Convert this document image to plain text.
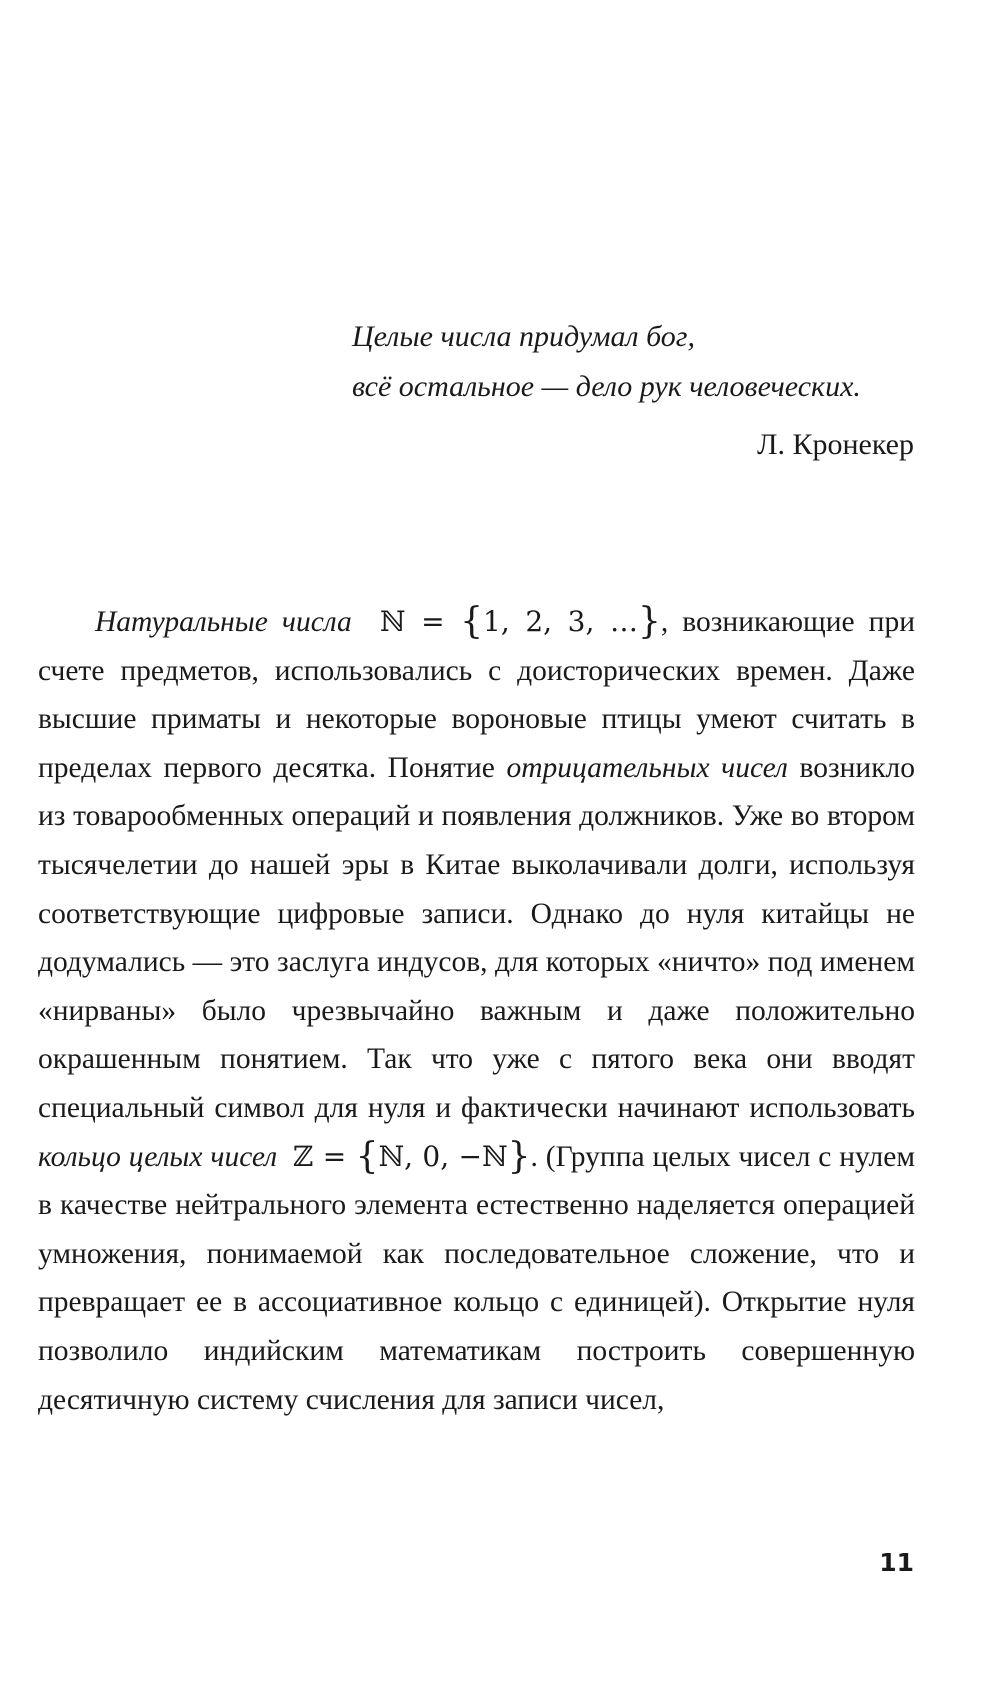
Целые числа придумал бог,
всё остальное — дело рук человеческих.
Л. Кронекер

Натуральные числа ℕ = {1, 2, 3, …}, возникающие при счете предметов, использовались с доисторических времен. Даже высшие приматы и некоторые вороновые птицы умеют считать в пределах первого десятка. Понятие отрицательных чисел возникло из товарообменных операций и появления должников. Уже во втором тысячелетии до нашей эры в Китае выколачивали долги, используя соответствующие цифровые записи. Однако до нуля китайцы не додумались — это заслуга индусов, для которых «ничто» под именем «нирваны» было чрезвычайно важным и даже положительно окрашенным понятием. Так что уже с пятого века они вводят специальный символ для нуля и фактически начинают использовать кольцо целых чисел ℤ = {ℕ, 0, −ℕ}. (Группа целых чисел с нулем в качестве нейтрального элемента естественно наделяется операцией умножения, понимаемой как последовательное сложение, что и превращает ее в ассоциативное кольцо с единицей). Открытие нуля позволило индийским математикам построить совершенную десятичную систему счисления для записи чисел,

11
